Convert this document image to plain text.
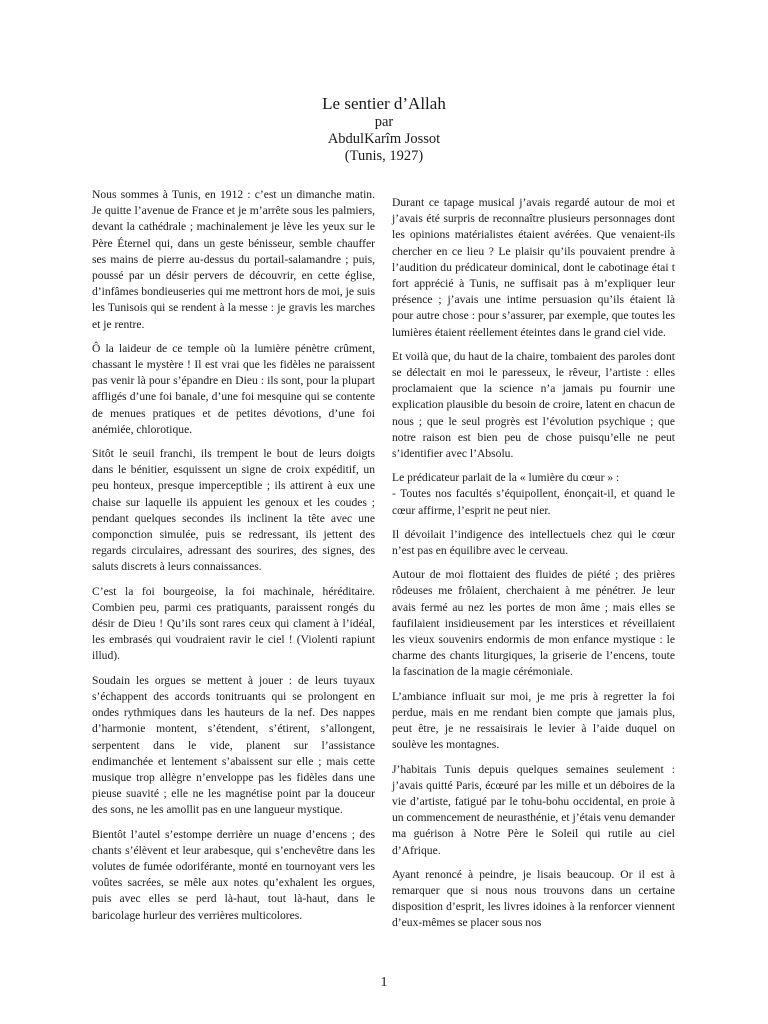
Le sentier d’Allah
par
AbdulKarîm Jossot
(Tunis, 1927)

Nous sommes à Tunis, en 1912 : c’est un dimanche matin. Je quitte l’avenue de France et je m’arrête sous les palmiers, devant la cathédrale ; machinalement je lève les yeux sur le Père Éternel qui, dans un geste bénisseur, semble chauffer ses mains de pierre au-dessus du portail-salamandre ; puis, poussé par un désir pervers de découvrir, en cette église, d’infâmes bondieuseries qui me mettront hors de moi, je suis les Tunisois qui se rendent à la messe : je gravis les marches et je rentre.

Ô la laideur de ce temple où la lumière pénètre crûment, chassant le mystère ! Il est vrai que les fidèles ne paraissent pas venir là pour s’épandre en Dieu : ils sont, pour la plupart affligés d’une foi banale, d’une foi mesquine qui se contente de menues pratiques et de petites dévotions, d’une foi anémiée, chlorotique.

Sitôt le seuil franchi, ils trempent le bout de leurs doigts dans le bénitier, esquissent un signe de croix expéditif, un peu honteux, presque imperceptible ; ils attirent à eux une chaise sur laquelle ils appuient les genoux et les coudes ; pendant quelques secondes ils inclinent la tête avec une componction simulée, puis se redressant, ils jettent des regards circulaires, adressant des sourires, des signes, des saluts discrets à leurs connaissances.

C’est la foi bourgeoise, la foi machinale, héréditaire. Combien peu, parmi ces pratiquants, paraissent rongés du désir de Dieu ! Qu’ils sont rares ceux qui clament à l’idéal, les embrasés qui voudraient ravir le ciel ! (Violenti rapiunt illud).

Soudain les orgues se mettent à jouer : de leurs tuyaux s’échappent des accords tonitruants qui se prolongent en ondes rythmiques dans les hauteurs de la nef. Des nappes d’harmonie montent, s’étendent, s’étirent, s’allongent, serpentent dans le vide, planent sur l’assistance endimanchée et lentement s’abaissent sur elle ; mais cette musique trop allègre n’enveloppe pas les fidèles dans une pieuse suavité ; elle ne les magnétise point par la douceur des sons, ne les amollit pas en une langueur mystique.

Bientôt l’autel s’estompe derrière un nuage d’encens ; des chants s’élèvent et leur arabesque, qui s’enchevêtre dans les volutes de fumée odoriférante, monté en tournoyant vers les voûtes sacrées, se mêle aux notes qu’exhalent les orgues, puis avec elles se perd là-haut, tout là-haut, dans le baricolage hurleur des verrières multicolores.

Durant ce tapage musical j’avais regardé autour de moi et j’avais été surpris de reconnaître plusieurs personnages dont les opinions matérialistes étaient avérées. Que venaient-ils chercher en ce lieu ? Le plaisir qu’ils pouvaient prendre à l’audition du prédicateur dominical, dont le cabotinage étai t fort apprécié à Tunis, ne suffisait pas à m’expliquer leur présence ; j’avais une intime persuasion qu’ils étaient là pour autre chose : pour s’assurer, par exemple, que toutes les lumières étaient réellement éteintes dans le grand ciel vide.

Et voilà que, du haut de la chaire, tombaient des paroles dont se délectait en moi le paresseux, le rêveur, l’artiste : elles proclamaient que la science n’a jamais pu fournir une explication plausible du besoin de croire, latent en chacun de nous ; que le seul progrès est l’évolution psychique ; que notre raison est bien peu de chose puisqu’elle ne peut s’identifier avec l’Absolu.

Le prédicateur parlait de la « lumière du cœur » :
- Toutes nos facultés s’équipollent, énonçait-il, et quand le cœur affirme, l’esprit ne peut nier.

Il dévoilait l’indigence des intellectuels chez qui le cœur n’est pas en équilibre avec le cerveau.

Autour de moi flottaient des fluides de piété ; des prières rôdeuses me frôlaient, cherchaient à me pénétrer. Je leur avais fermé au nez les portes de mon âme ; mais elles se faufilaient insidieusement par les interstices et réveillaient les vieux souvenirs endormis de mon enfance mystique : le charme des chants liturgiques, la griserie de l’encens, toute la fascination de la magie cérémoniale.

L’ambiance influait sur moi, je me pris à regretter la foi perdue, mais en me rendant bien compte que jamais plus, peut être, je ne ressaisirais le levier à l’aide duquel on soulève les montagnes.

J’habitais Tunis depuis quelques semaines seulement : j’avais quitté Paris, écœuré par les mille et un déboires de la vie d’artiste, fatigué par le tohu-bohu occidental, en proie à un commencement de neurasthénie, et j’étais venu demander ma guérison à Notre Père le Soleil qui rutile au ciel d’Afrique.

Ayant renoncé à peindre, je lisais beaucoup. Or il est à remarquer que si nous nous trouvons dans un certaine disposition d’esprit, les livres idoines à la renforcer viennent d’eux-mêmes se placer sous nos

1
